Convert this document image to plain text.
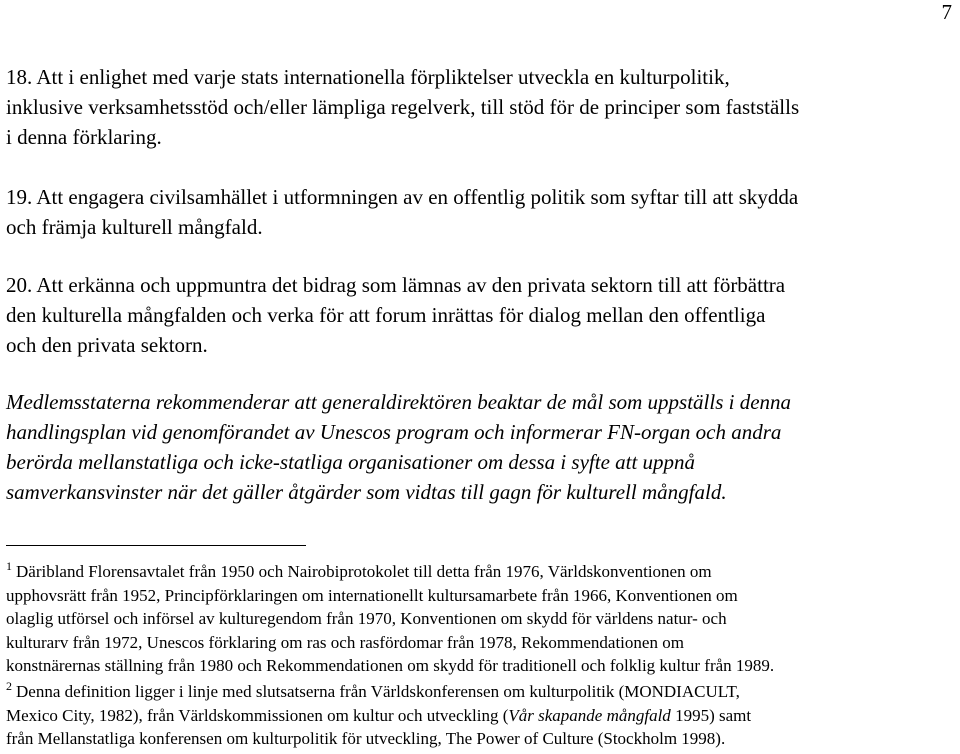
7

18. Att i enlighet med varje stats internationella förpliktelser utveckla en kulturpolitik,
inklusive verksamhetsstöd och/eller lämpliga regelverk, till stöd för de principer som fastställs
i denna förklaring.

19. Att engagera civilsamhället i utformningen av en offentlig politik som syftar till att skydda
och främja kulturell mångfald.

20. Att erkänna och uppmuntra det bidrag som lämnas av den privata sektorn till att förbättra
den kulturella mångfalden och verka för att forum inrättas för dialog mellan den offentliga
och den privata sektorn.

Medlemsstaterna rekommenderar att generaldirektören beaktar de mål som uppställs i denna
handlingsplan vid genomförandet av Unescos program och informerar FN-organ och andra
berörda mellanstatliga och icke-statliga organisationer om dessa i syfte att uppnå
samverkansvinster när det gäller åtgärder som vidtas till gagn för kulturell mångfald.

$^1$ Däribland Florensavtalet från 1950 och Nairobiprotokolet till detta från 1976, Världskonventionen om
upphovsrätt från 1952, Principförklaringen om internationellt kultursamarbete från 1966, Konventionen om
olaglig utförsel och införsel av kulturegendom från 1970, Konventionen om skydd för världens natur- och
kulturarv från 1972, Unescos förklaring om ras och rasfördomar från 1978, Rekommendationen om
konstnärernas ställning från 1980 och Rekommendationen om skydd för traditionell och folklig kultur från 1989.

$^2$ Denna definition ligger i linje med slutsatserna från Världskonferensen om kulturpolitik (MONDIACULT,
Mexico City, 1982), från Världskommissionen om kultur och utveckling (Vår skapande mångfald 1995) samt
från Mellanstatliga konferensen om kulturpolitik för utveckling, The Power of Culture (Stockholm 1998).
